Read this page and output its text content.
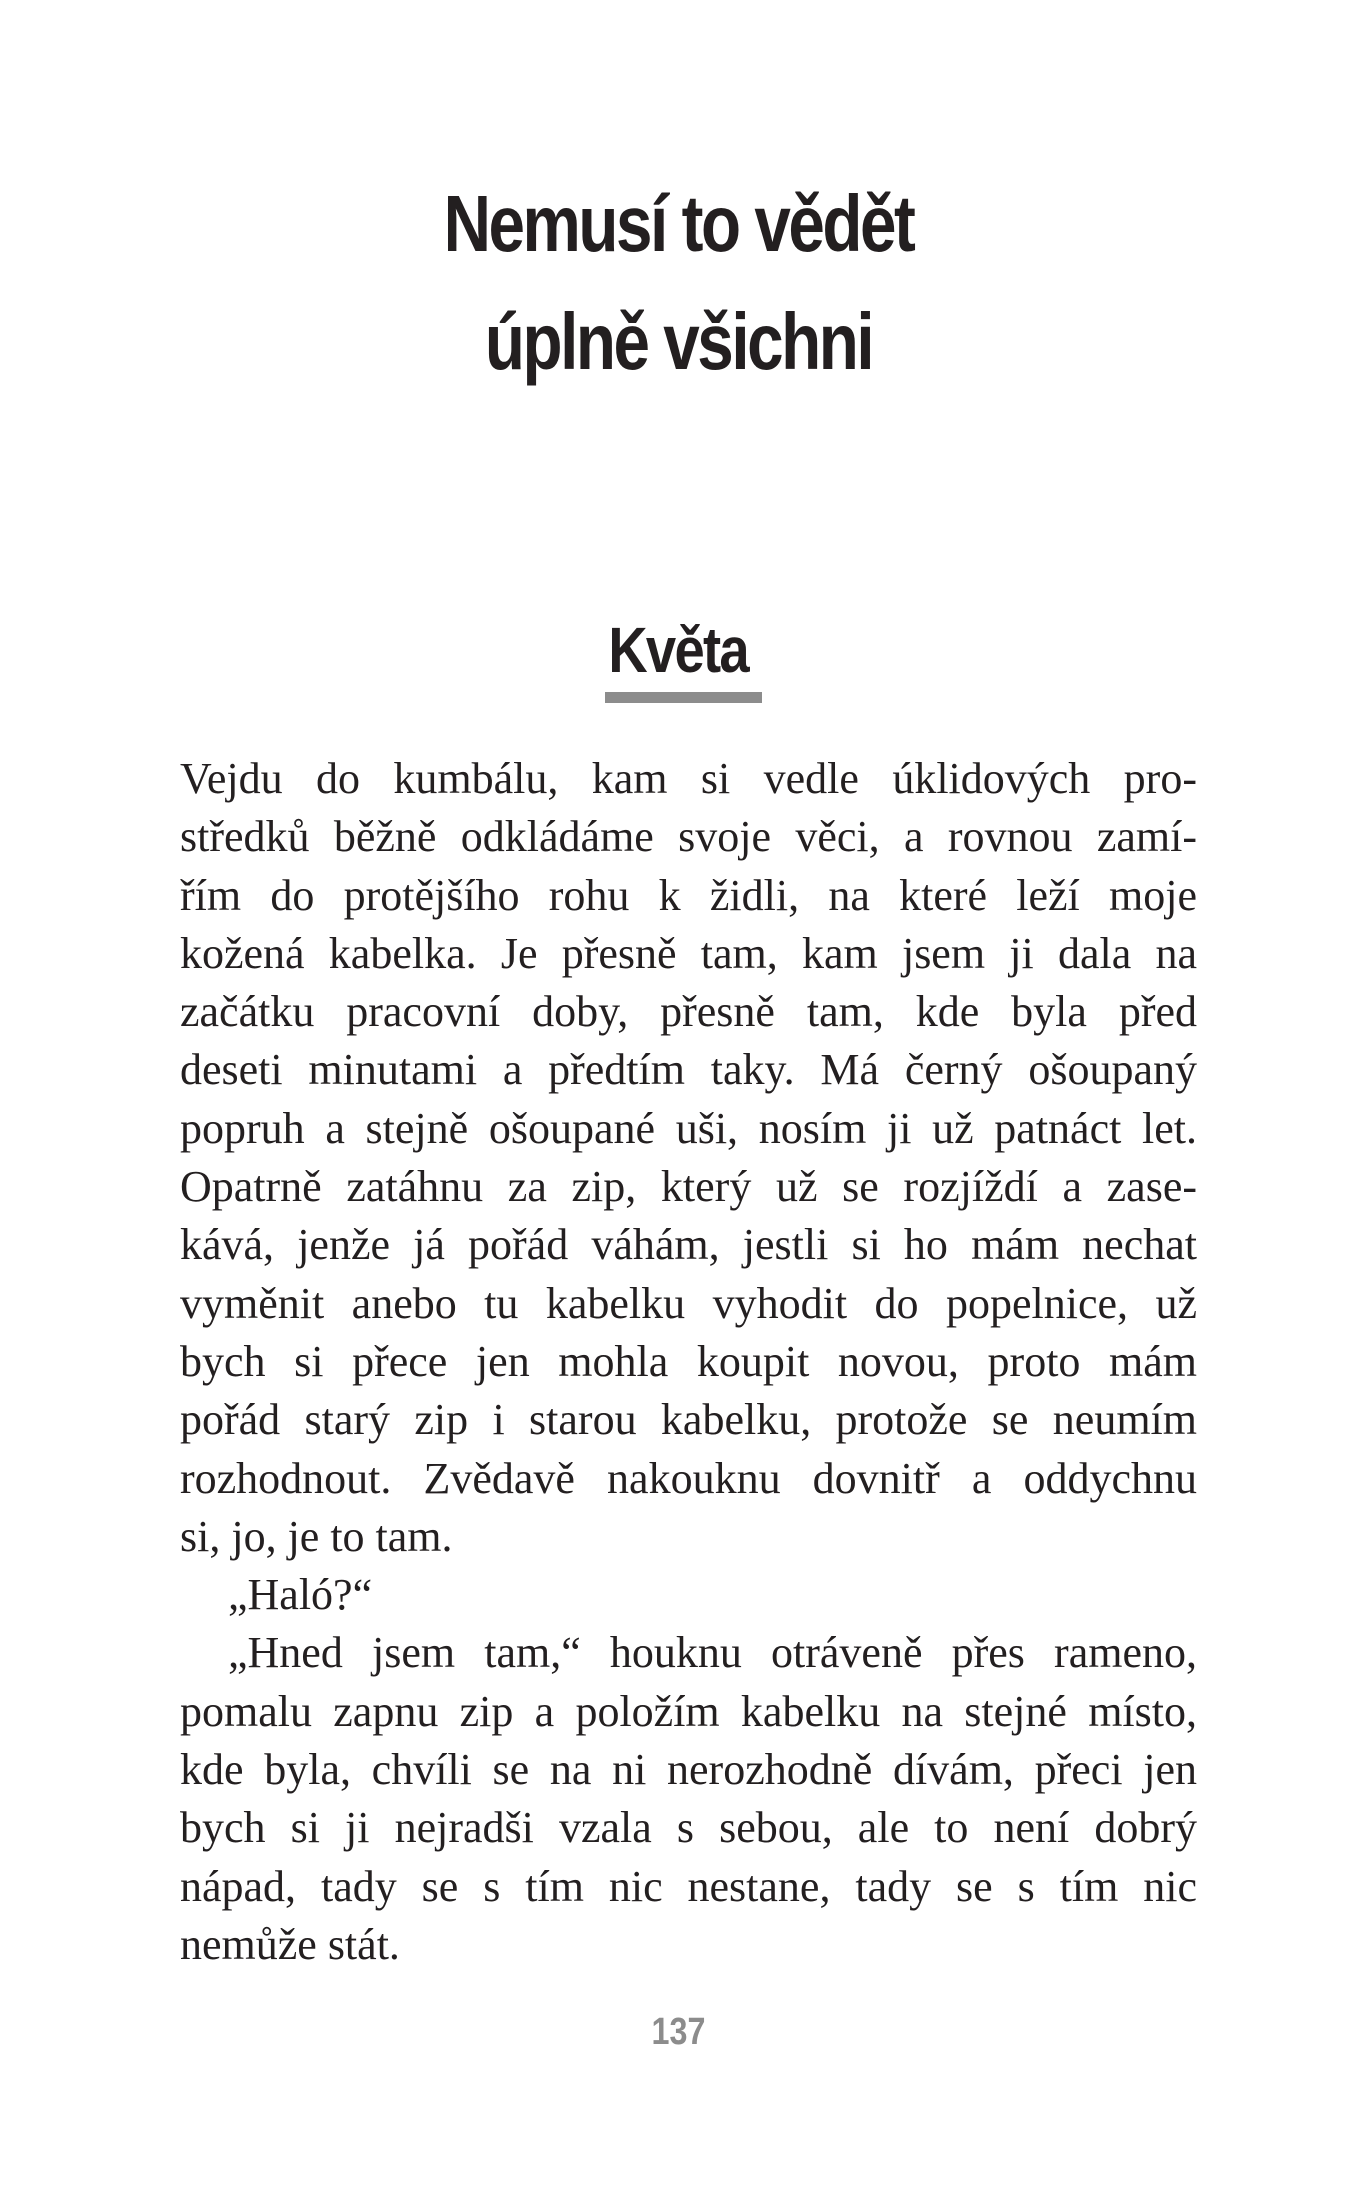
Nemusí to vědět
úplně všichni
Květa
Vejdu do kumbálu, kam si vedle úklidových pro-
středků běžně odkládáme svoje věci, a rovnou zamí-
řím do protějšího rohu k židli, na které leží moje
kožená kabelka. Je přesně tam, kam jsem ji dala na
začátku pracovní doby, přesně tam, kde byla před
deseti minutami a předtím taky. Má černý ošoupaný
popruh a stejně ošoupané uši, nosím ji už patnáct let.
Opatrně zatáhnu za zip, který už se rozjíždí a zase-
kává, jenže já pořád váhám, jestli si ho mám nechat
vyměnit anebo tu kabelku vyhodit do popelnice, už
bych si přece jen mohla koupit novou, proto mám
pořád starý zip i starou kabelku, protože se neumím
rozhodnout. Zvědavě nakouknu dovnitř a oddychnu
si, jo, je to tam.
„Haló?“
„Hned jsem tam,“ houknu otráveně přes rameno,
pomalu zapnu zip a položím kabelku na stejné místo,
kde byla, chvíli se na ni nerozhodně dívám, přeci jen
bych si ji nejradši vzala s sebou, ale to není dobrý
nápad, tady se s tím nic nestane, tady se s tím nic
nemůže stát.
137
